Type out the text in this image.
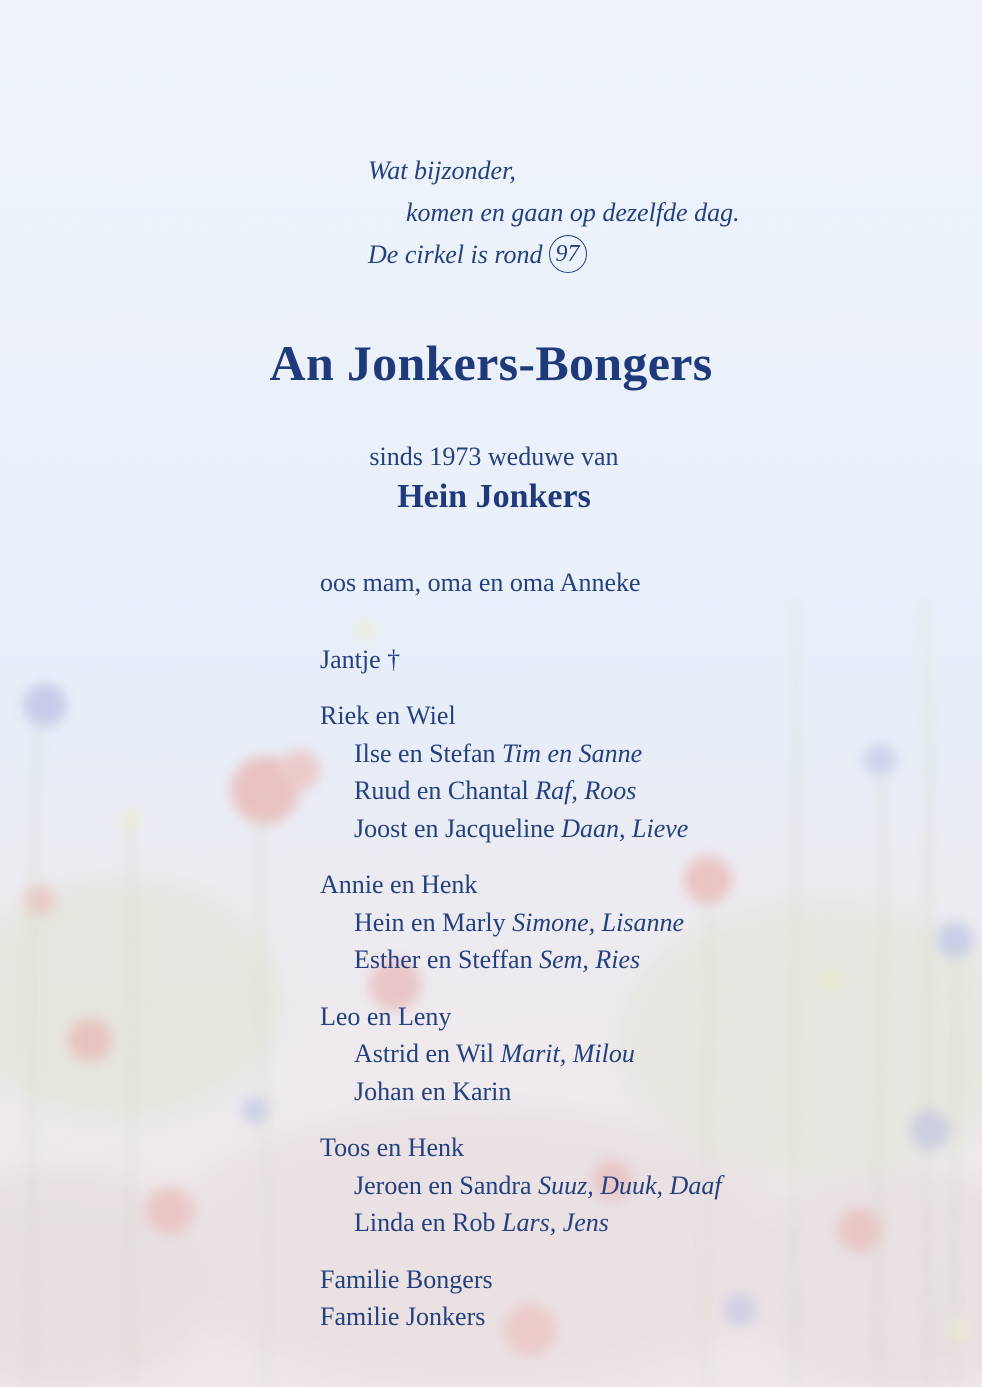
Wat bijzonder,
komen en gaan op dezelfde dag.
De cirkel is rond 97
An Jonkers-Bongers
sinds 1973 weduwe van
Hein Jonkers
oos mam, oma en oma Anneke
Jantje †
Riek en Wiel
Ilse en Stefan Tim en Sanne
Ruud en Chantal Raf, Roos
Joost en Jacqueline Daan, Lieve
Annie en Henk
Hein en Marly Simone, Lisanne
Esther en Steffan Sem, Ries
Leo en Leny
Astrid en Wil Marit, Milou
Johan en Karin
Toos en Henk
Jeroen en Sandra Suuz, Duuk, Daaf
Linda en Rob Lars, Jens
Familie Bongers
Familie Jonkers
